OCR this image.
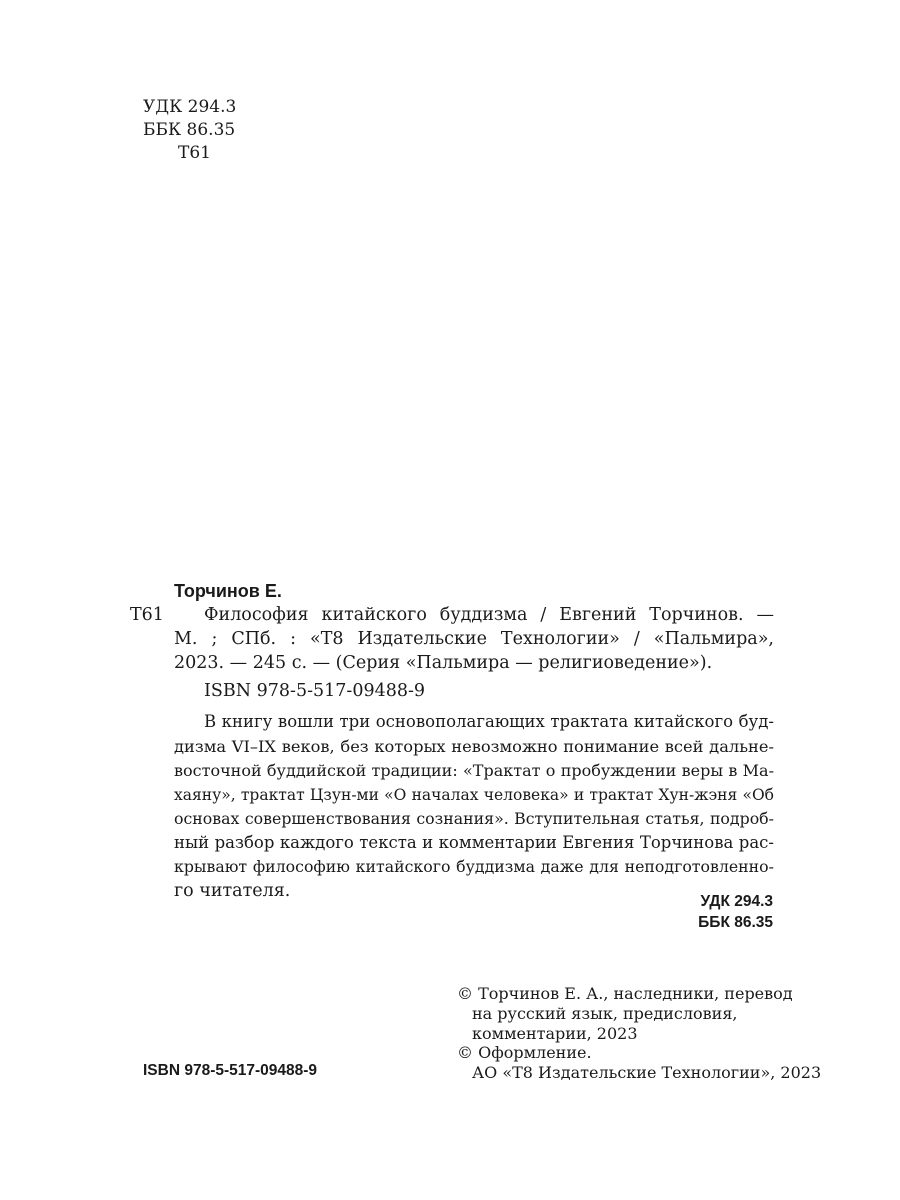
УДК 294.3
ББК 86.35
Т61
Торчинов Е.
Т61 Философия китайского буддизма / Евгений Торчинов. —
М. ; СПб. : «Т8 Издательские Технологии» / «Пальмира»,
2023. — 245 с. — (Серия «Пальмира — религиоведение»).
ISBN 978-5-517-09488-9
В книгу вошли три основополагающих трактата китайского буд-
дизма VI–IX веков, без которых невозможно понимание всей дальне-
восточной буддийской традиции: «Трактат о пробуждении веры в Ма-
хаяну», трактат Цзун-ми «О началах человека» и трактат Хун-жэня «Об
основах совершенствования сознания». Вступительная статья, подроб-
ный разбор каждого текста и комментарии Евгения Торчинова рас-
крывают философию китайского буддизма даже для неподготовленно-
го читателя.
УДК 294.3
ББК 86.35
ISBN 978-5-517-09488-9
© Торчинов Е. А., наследники, перевод
на русский язык, предисловия,
комментарии, 2023
© Оформление.
АО «Т8 Издательские Технологии», 2023
